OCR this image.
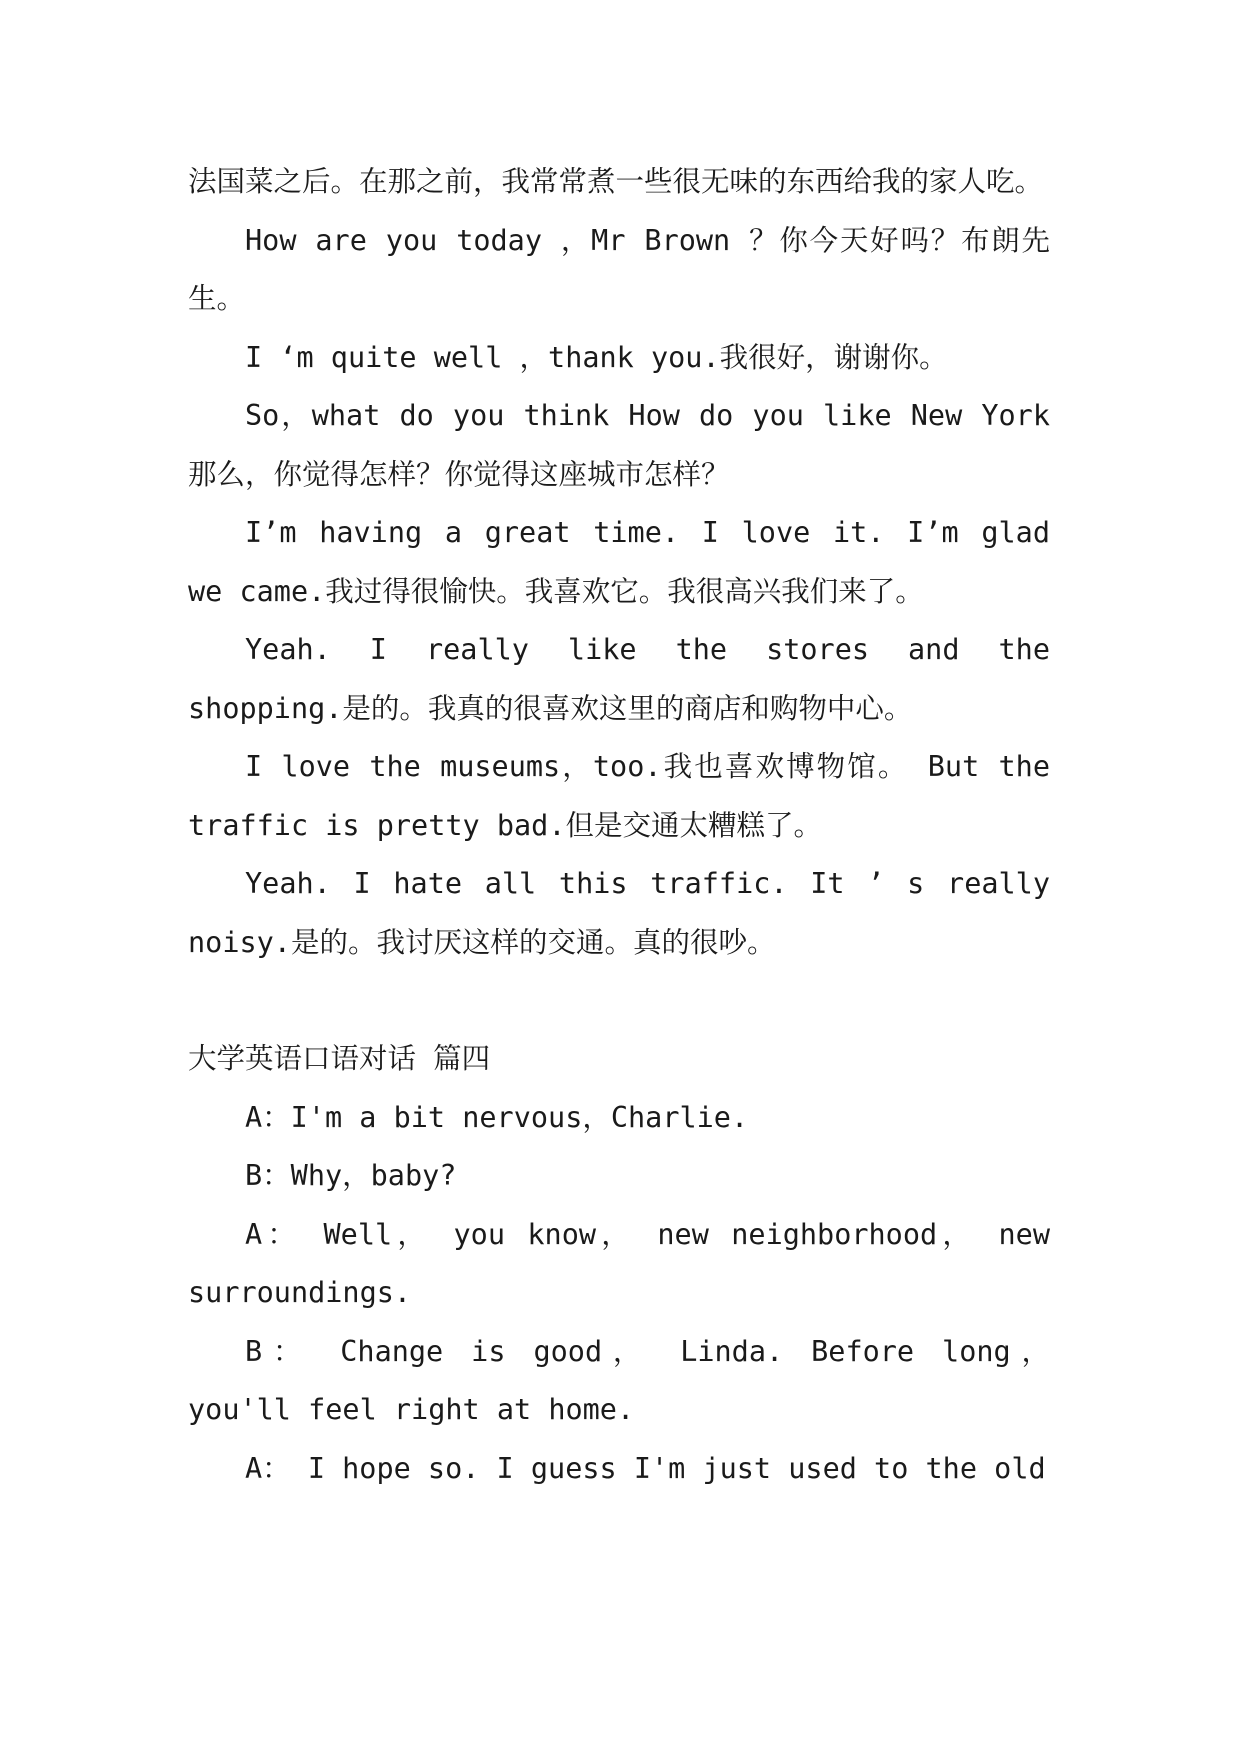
法国菜之后。在那之前，我常常煮一些很无味的东西给我的家人吃。

How are you today ，Mr Brown ？你今天好吗？布朗先生。

I ‘m quite well ，thank you.我很好，谢谢你。

So，what do you think How do you like New York 那么，你觉得怎样？你觉得这座城市怎样？

I’m having a great time. I love it. I’m glad we came.我过得很愉快。我喜欢它。我很高兴我们来了。

Yeah. I really like the stores and the shopping.是的。我真的很喜欢这里的商店和购物中心。

I love the museums，too.我也喜欢博物馆。 But the traffic is pretty bad.但是交通太糟糕了。

Yeah. I hate all this traffic. It ’ s really noisy.是的。我讨厌这样的交通。真的很吵。

大学英语口语对话 篇四

A：I'm a bit nervous，Charlie.

B：Why，baby?

A： Well， you know， new neighborhood， new surroundings.

B： Change is good， Linda. Before long， you'll feel right at home.

A： I hope so. I guess I'm just used to the old
